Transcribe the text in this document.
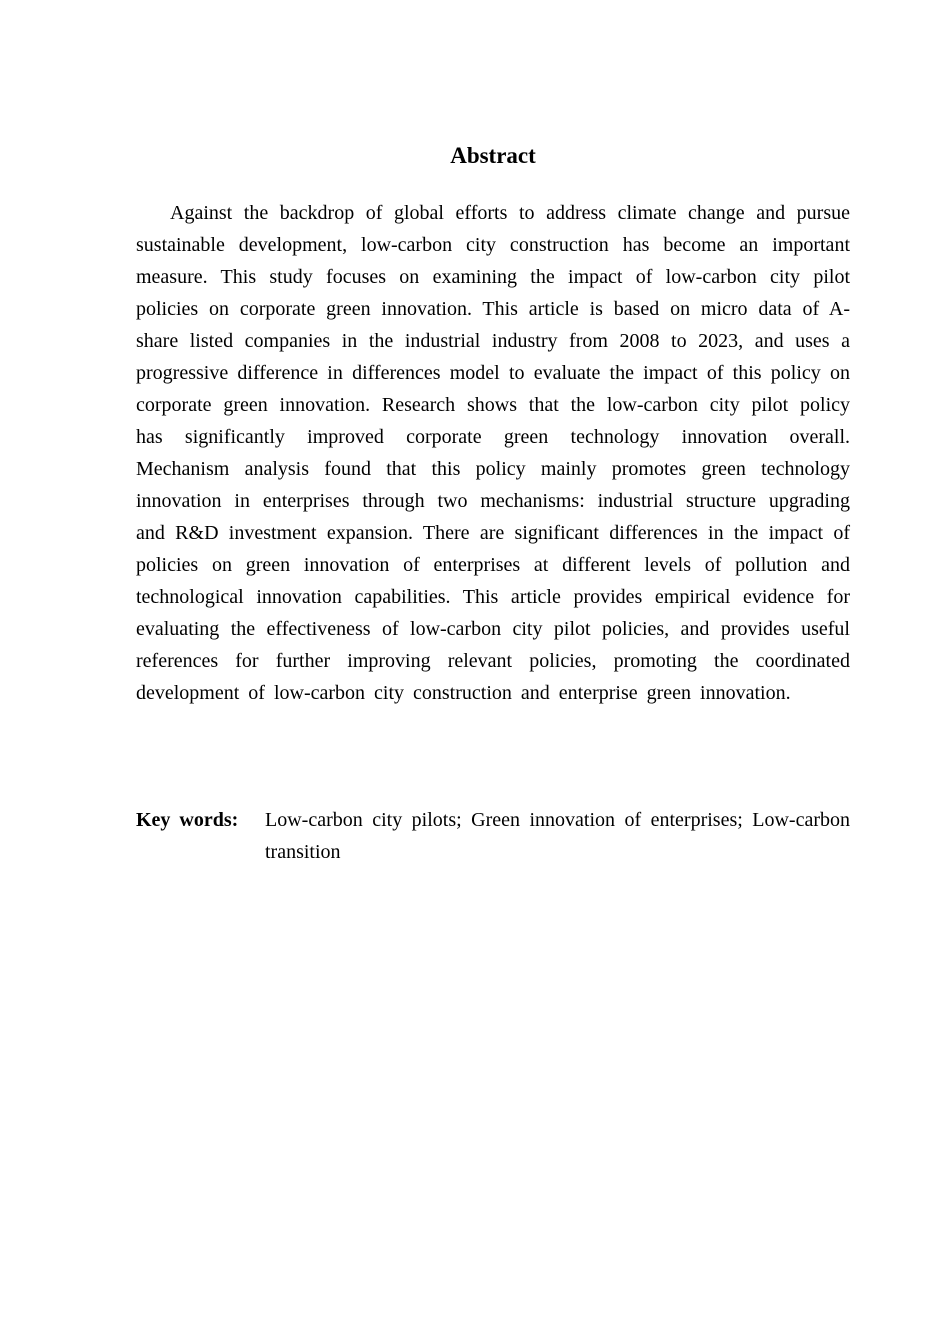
Abstract

Against the backdrop of global efforts to address climate change and pursue sustainable development, low-carbon city construction has become an important measure. This study focuses on examining the impact of low-carbon city pilot policies on corporate green innovation. This article is based on micro data of A-share listed companies in the industrial industry from 2008 to 2023, and uses a progressive difference in differences model to evaluate the impact of this policy on corporate green innovation. Research shows that the low-carbon city pilot policy has significantly improved corporate green technology innovation overall. Mechanism analysis found that this policy mainly promotes green technology innovation in enterprises through two mechanisms: industrial structure upgrading and R&D investment expansion. There are significant differences in the impact of policies on green innovation of enterprises at different levels of pollution and technological innovation capabilities. This article provides empirical evidence for evaluating the effectiveness of low-carbon city pilot policies, and provides useful references for further improving relevant policies, promoting the coordinated development of low-carbon city construction and enterprise green innovation.

Key words:	Low-carbon city pilots; Green innovation of enterprises; Low-carbon transition
